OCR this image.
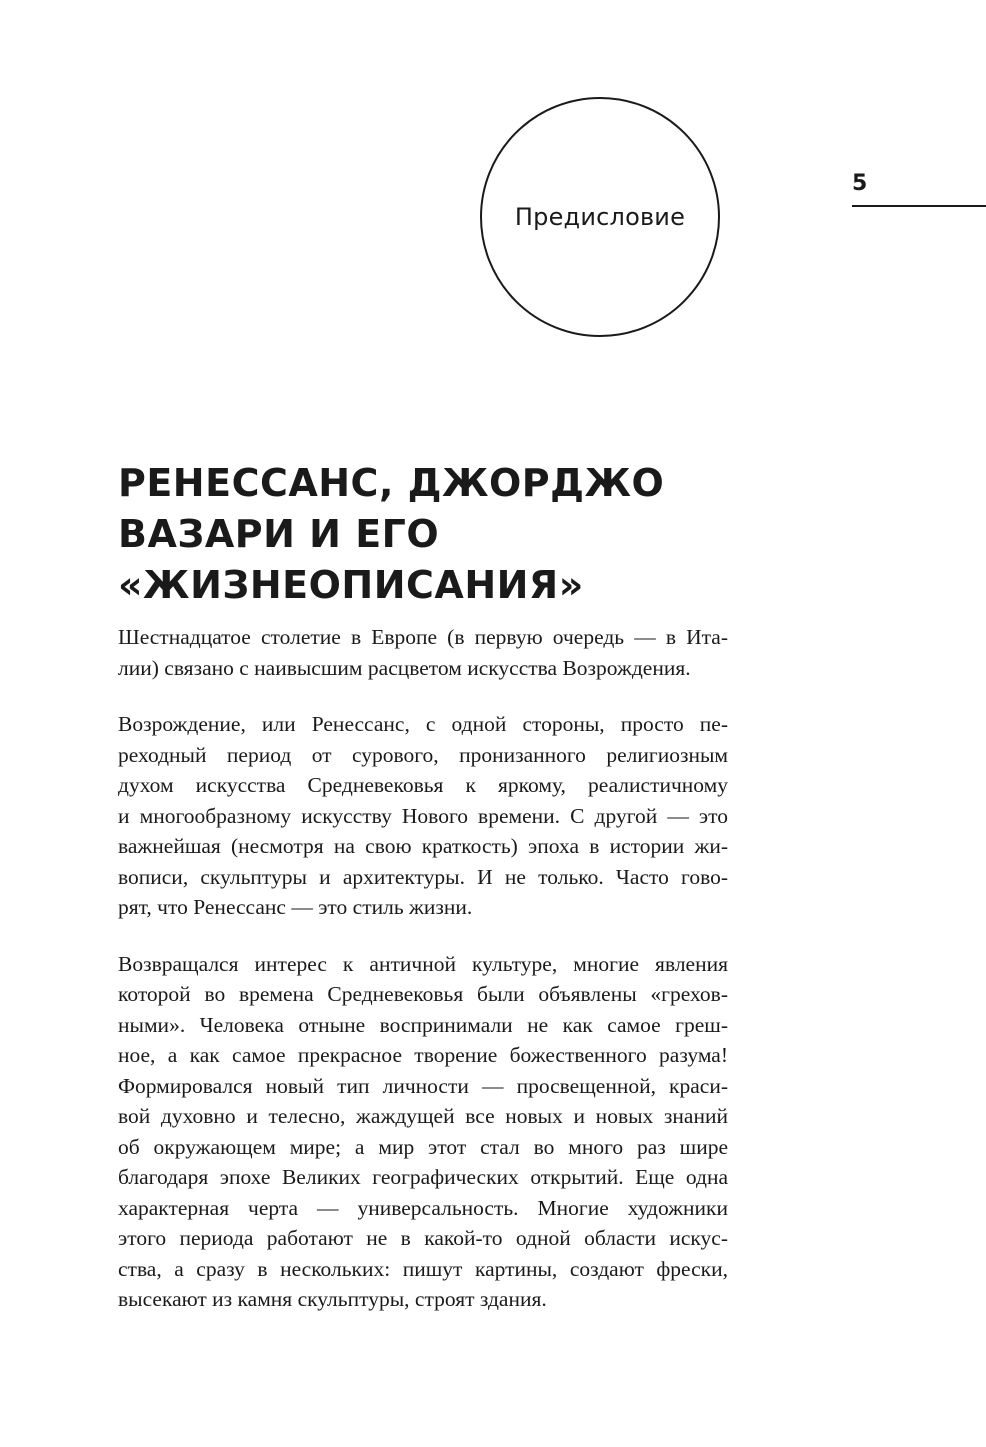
5
Предисловие
РЕНЕССАНС, ДЖОРДЖО
ВАЗАРИ И ЕГО
«ЖИЗНЕОПИСАНИЯ»

Шестнадцатое столетие в Европе (в первую очередь — в Ита-
лии) связано с наивысшим расцветом искусства Возрождения.

Возрождение, или Ренессанс, с одной стороны, просто пе-
реходный период от сурового, пронизанного религиозным
духом искусства Средневековья к яркому, реалистичному
и многообразному искусству Нового времени. С другой — это
важнейшая (несмотря на свою краткость) эпоха в истории жи-
вописи, скульптуры и архитектуры. И не только. Часто гово-
рят, что Ренессанс — это стиль жизни.

Возвращался интерес к античной культуре, многие явления
которой во времена Средневековья были объявлены «грехов-
ными». Человека отныне воспринимали не как самое греш-
ное, а как самое прекрасное творение божественного разума!
Формировался новый тип личности — просвещенной, краси-
вой духовно и телесно, жаждущей все новых и новых знаний
об окружающем мире; а мир этот стал во много раз шире
благодаря эпохе Великих географических открытий. Еще одна
характерная черта — универсальность. Многие художники
этого периода работают не в какой-то одной области искус-
ства, а сразу в нескольких: пишут картины, создают фрески,
высекают из камня скульптуры, строят здания.
